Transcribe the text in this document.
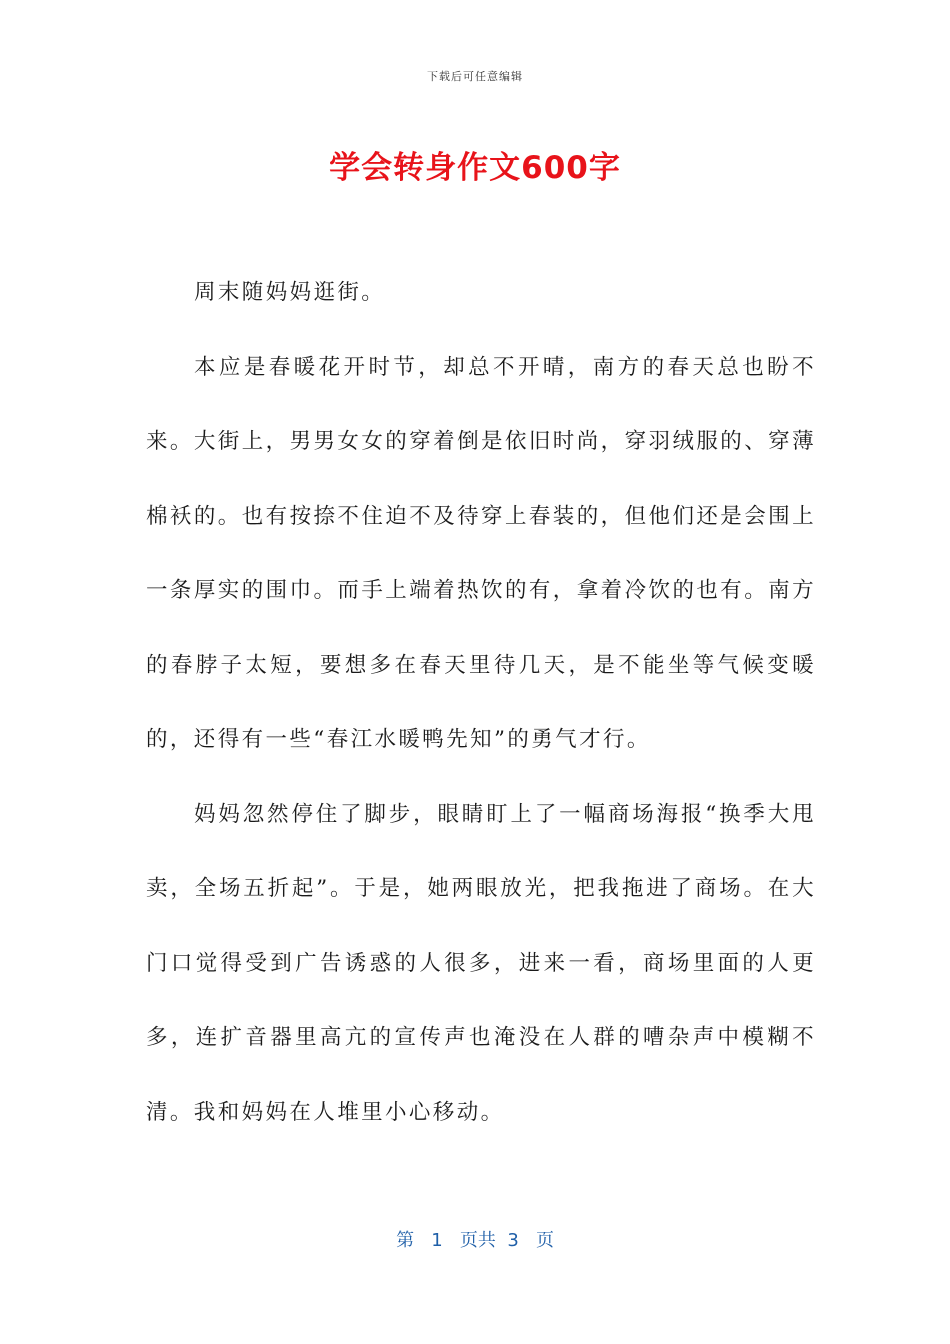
下载后可任意编辑
学会转身作文600字

周末随妈妈逛街。

本应是春暖花开时节，却总不开晴，南方的春天总也盼不来。大街上，男男女女的穿着倒是依旧时尚，穿羽绒服的、穿薄棉袄的。也有按捺不住迫不及待穿上春装的，但他们还是会围上一条厚实的围巾。而手上端着热饮的有，拿着冷饮的也有。南方的春脖子太短，要想多在春天里待几天，是不能坐等气候变暖的，还得有一些“春江水暖鸭先知”的勇气才行。

妈妈忽然停住了脚步，眼睛盯上了一幅商场海报“换季大甩卖，全场五折起”。于是，她两眼放光，把我拖进了商场。在大门口觉得受到广告诱惑的人很多，进来一看，商场里面的人更多，连扩音器里高亢的宣传声也淹没在人群的嘈杂声中模糊不清。我和妈妈在人堆里小心移动。

第 1 页共 3 页
